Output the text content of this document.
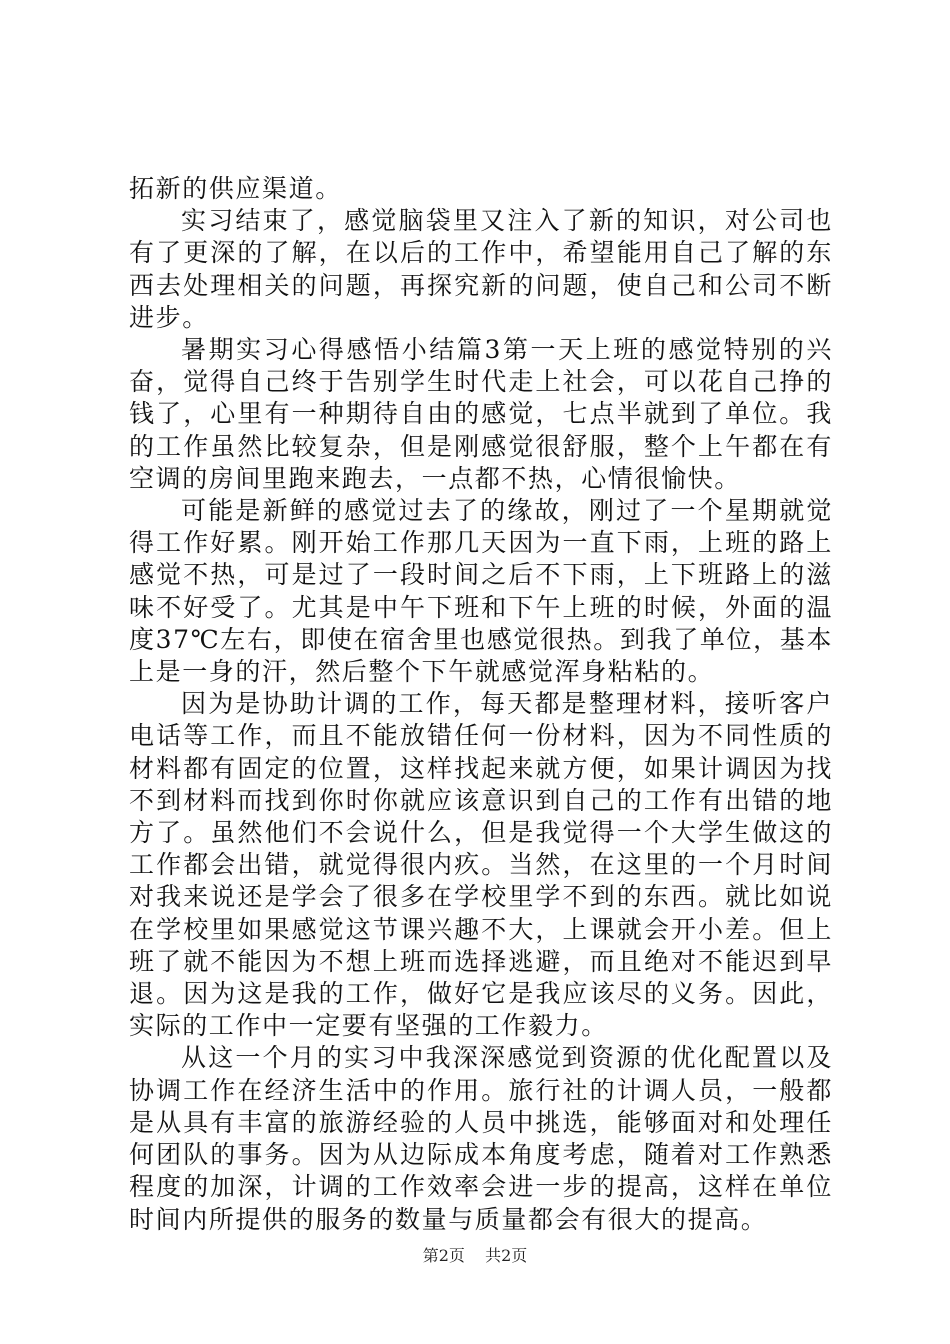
拓新的供应渠道。

实习结束了，感觉脑袋里又注入了新的知识，对公司也有了更深的了解，在以后的工作中，希望能用自己了解的东西去处理相关的问题，再探究新的问题，使自己和公司不断进步。

暑期实习心得感悟小结篇3第一天上班的感觉特别的兴奋，觉得自己终于告别学生时代走上社会，可以花自己挣的钱了，心里有一种期待自由的感觉，七点半就到了单位。我的工作虽然比较复杂，但是刚感觉很舒服，整个上午都在有空调的房间里跑来跑去，一点都不热，心情很愉快。

可能是新鲜的感觉过去了的缘故，刚过了一个星期就觉得工作好累。刚开始工作那几天因为一直下雨，上班的路上感觉不热，可是过了一段时间之后不下雨，上下班路上的滋味不好受了。尤其是中午下班和下午上班的时候，外面的温度37℃左右，即使在宿舍里也感觉很热。到我了单位，基本上是一身的汗，然后整个下午就感觉浑身粘粘的。

因为是协助计调的工作，每天都是整理材料，接听客户电话等工作，而且不能放错任何一份材料，因为不同性质的材料都有固定的位置，这样找起来就方便，如果计调因为找不到材料而找到你时你就应该意识到自己的工作有出错的地方了。虽然他们不会说什么，但是我觉得一个大学生做这的工作都会出错，就觉得很内疚。当然，在这里的一个月时间对我来说还是学会了很多在学校里学不到的东西。就比如说在学校里如果感觉这节课兴趣不大，上课就会开小差。但上班了就不能因为不想上班而选择逃避，而且绝对不能迟到早退。因为这是我的工作，做好它是我应该尽的义务。因此，实际的工作中一定要有坚强的工作毅力。

从这一个月的实习中我深深感觉到资源的优化配置以及协调工作在经济生活中的作用。旅行社的计调人员，一般都是从具有丰富的旅游经验的人员中挑选，能够面对和处理任何团队的事务。因为从边际成本角度考虑，随着对工作熟悉程度的加深，计调的工作效率会进一步的提高，这样在单位时间内所提供的服务的数量与质量都会有很大的提高。

第2页 共2页
